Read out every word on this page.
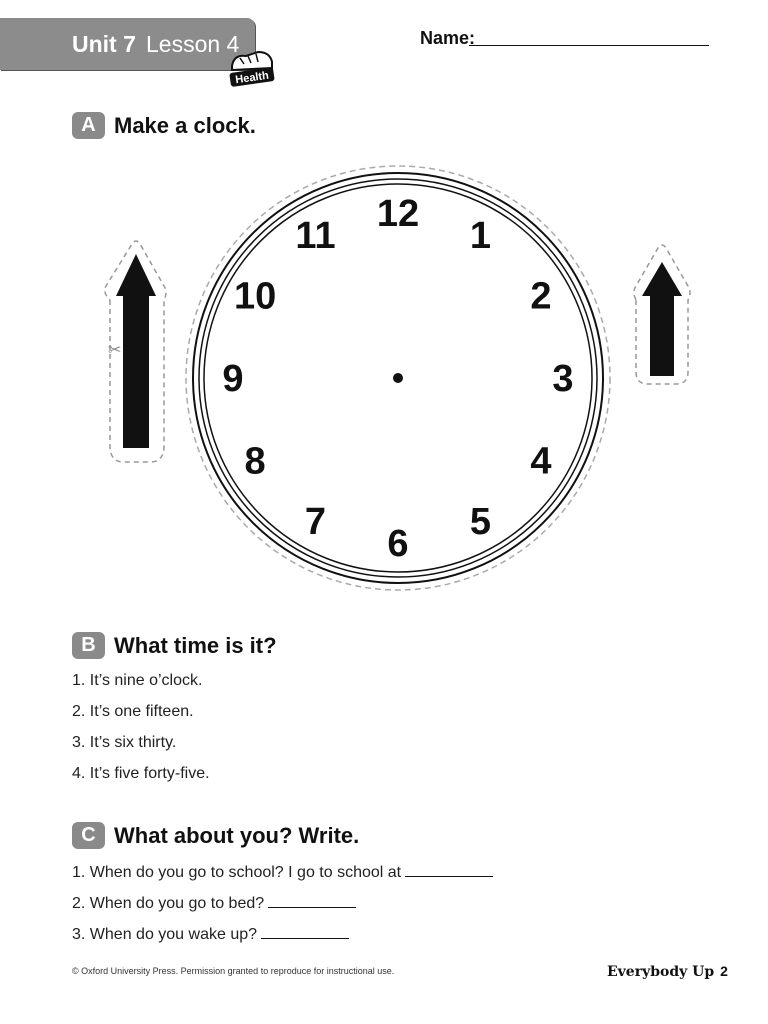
Unit 7 Lesson 4
Health
Name:
A Make a clock.
✂
12
1
2
3
4
5
6
7
8
9
10
11
B What time is it?
1. It’s nine o’clock.
2. It’s one fifteen.
3. It’s six thirty.
4. It’s five forty-five.
C What about you? Write.
1. When do you go to school? I go to school at
2. When do you go to bed?
3. When do you wake up?
© Oxford University Press. Permission granted to reproduce for instructional use.	Everybody Up 2
